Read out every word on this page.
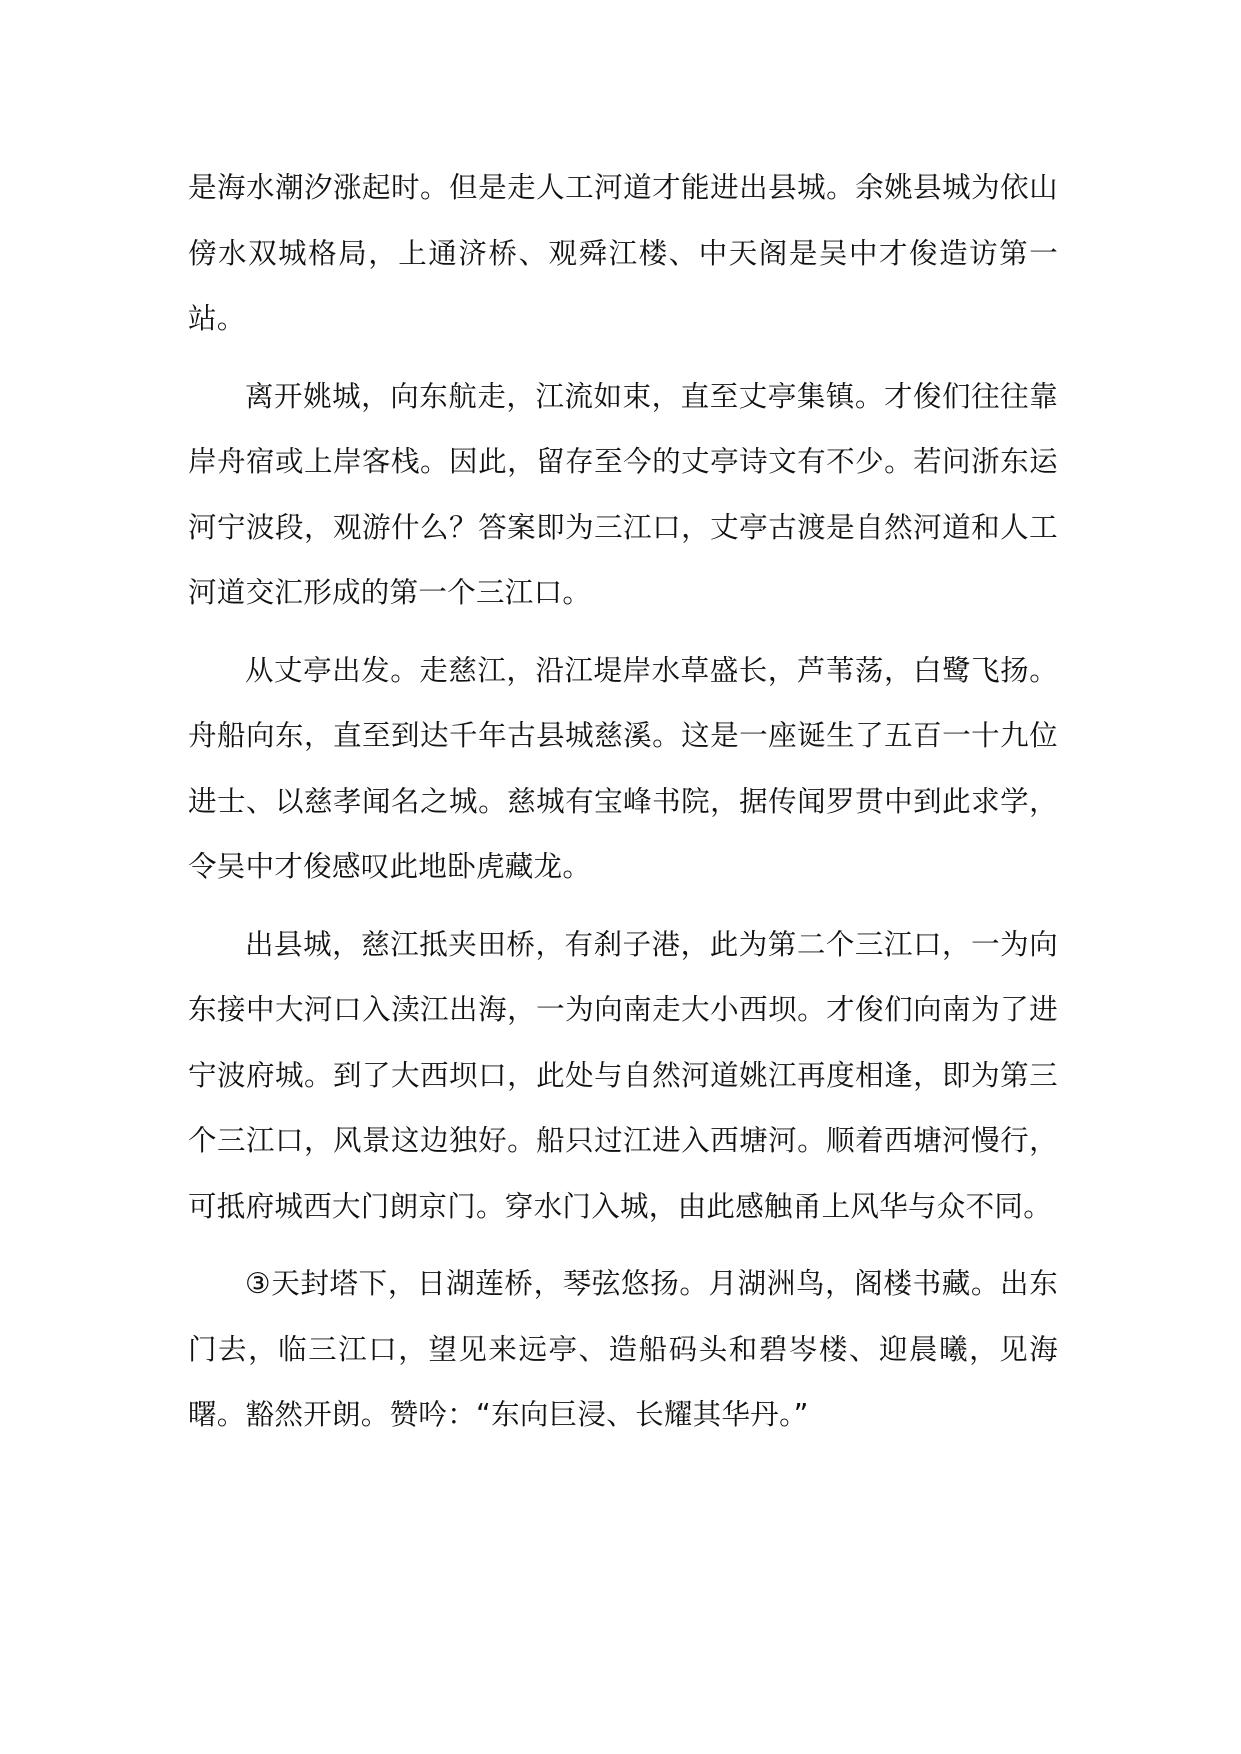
是海水潮汐涨起时。但是走人工河道才能进出县城。余姚县城为依山傍水双城格局，上通济桥、观舜江楼、中天阁是吴中才俊造访第一站。

离开姚城，向东航走，江流如束，直至丈亭集镇。才俊们往往靠岸舟宿或上岸客栈。因此，留存至今的丈亭诗文有不少。若问浙东运河宁波段，观游什么？答案即为三江口，丈亭古渡是自然河道和人工河道交汇形成的第一个三江口。

从丈亭出发。走慈江，沿江堤岸水草盛长，芦苇荡，白鹭飞扬。舟船向东，直至到达千年古县城慈溪。这是一座诞生了五百一十九位进士、以慈孝闻名之城。慈城有宝峰书院，据传闻罗贯中到此求学，令吴中才俊感叹此地卧虎藏龙。

出县城，慈江抵夹田桥，有刹子港，此为第二个三江口，一为向东接中大河口入渎江出海，一为向南走大小西坝。才俊们向南为了进宁波府城。到了大西坝口，此处与自然河道姚江再度相逢，即为第三个三江口，风景这边独好。船只过江进入西塘河。顺着西塘河慢行，可抵府城西大门朗京门。穿水门入城，由此感触甬上风华与众不同。

③天封塔下，日湖莲桥，琴弦悠扬。月湖洲鸟，阁楼书藏。出东门去，临三江口，望见来远亭、造船码头和碧岑楼、迎晨曦，见海曙。豁然开朗。赞吟：“东向巨浸、长耀其华丹。”
